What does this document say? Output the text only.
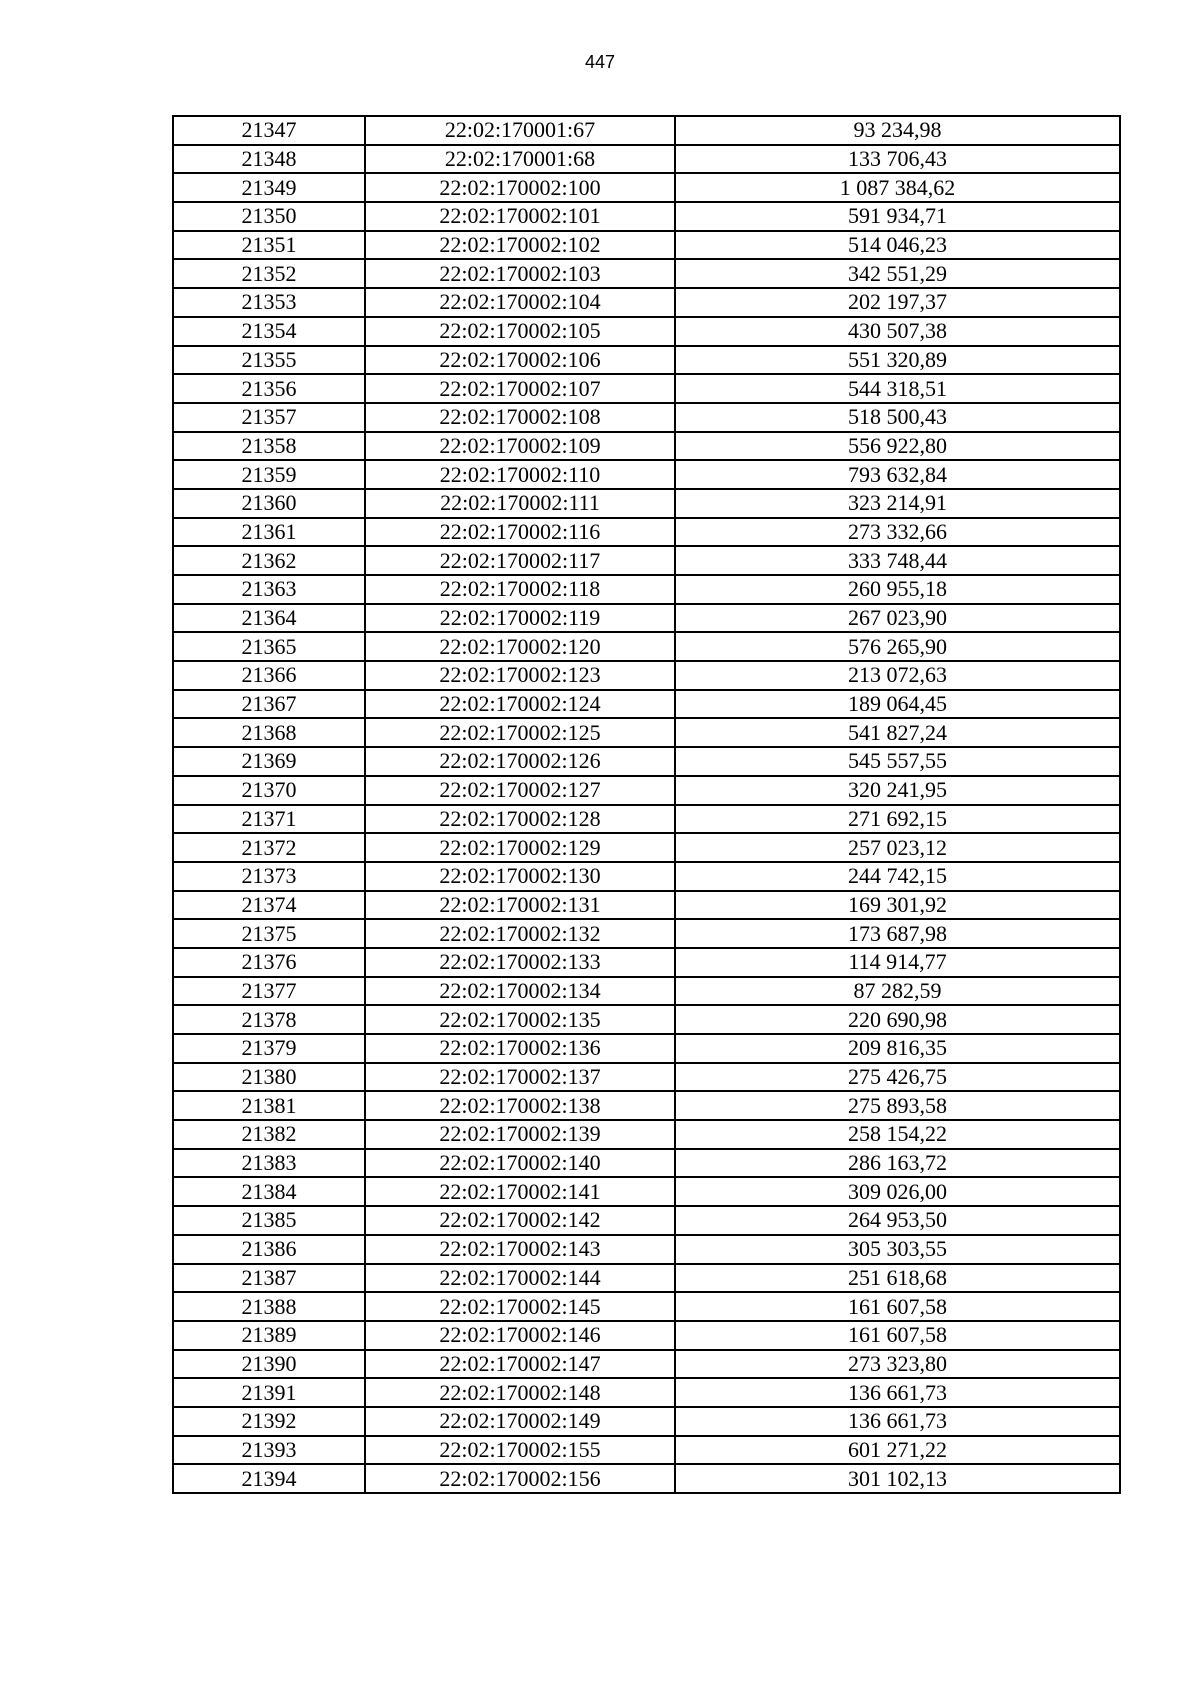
447
21347	22:02:170001:67	93 234,98
21348	22:02:170001:68	133 706,43
21349	22:02:170002:100	1 087 384,62
21350	22:02:170002:101	591 934,71
21351	22:02:170002:102	514 046,23
21352	22:02:170002:103	342 551,29
21353	22:02:170002:104	202 197,37
21354	22:02:170002:105	430 507,38
21355	22:02:170002:106	551 320,89
21356	22:02:170002:107	544 318,51
21357	22:02:170002:108	518 500,43
21358	22:02:170002:109	556 922,80
21359	22:02:170002:110	793 632,84
21360	22:02:170002:111	323 214,91
21361	22:02:170002:116	273 332,66
21362	22:02:170002:117	333 748,44
21363	22:02:170002:118	260 955,18
21364	22:02:170002:119	267 023,90
21365	22:02:170002:120	576 265,90
21366	22:02:170002:123	213 072,63
21367	22:02:170002:124	189 064,45
21368	22:02:170002:125	541 827,24
21369	22:02:170002:126	545 557,55
21370	22:02:170002:127	320 241,95
21371	22:02:170002:128	271 692,15
21372	22:02:170002:129	257 023,12
21373	22:02:170002:130	244 742,15
21374	22:02:170002:131	169 301,92
21375	22:02:170002:132	173 687,98
21376	22:02:170002:133	114 914,77
21377	22:02:170002:134	87 282,59
21378	22:02:170002:135	220 690,98
21379	22:02:170002:136	209 816,35
21380	22:02:170002:137	275 426,75
21381	22:02:170002:138	275 893,58
21382	22:02:170002:139	258 154,22
21383	22:02:170002:140	286 163,72
21384	22:02:170002:141	309 026,00
21385	22:02:170002:142	264 953,50
21386	22:02:170002:143	305 303,55
21387	22:02:170002:144	251 618,68
21388	22:02:170002:145	161 607,58
21389	22:02:170002:146	161 607,58
21390	22:02:170002:147	273 323,80
21391	22:02:170002:148	136 661,73
21392	22:02:170002:149	136 661,73
21393	22:02:170002:155	601 271,22
21394	22:02:170002:156	301 102,13
